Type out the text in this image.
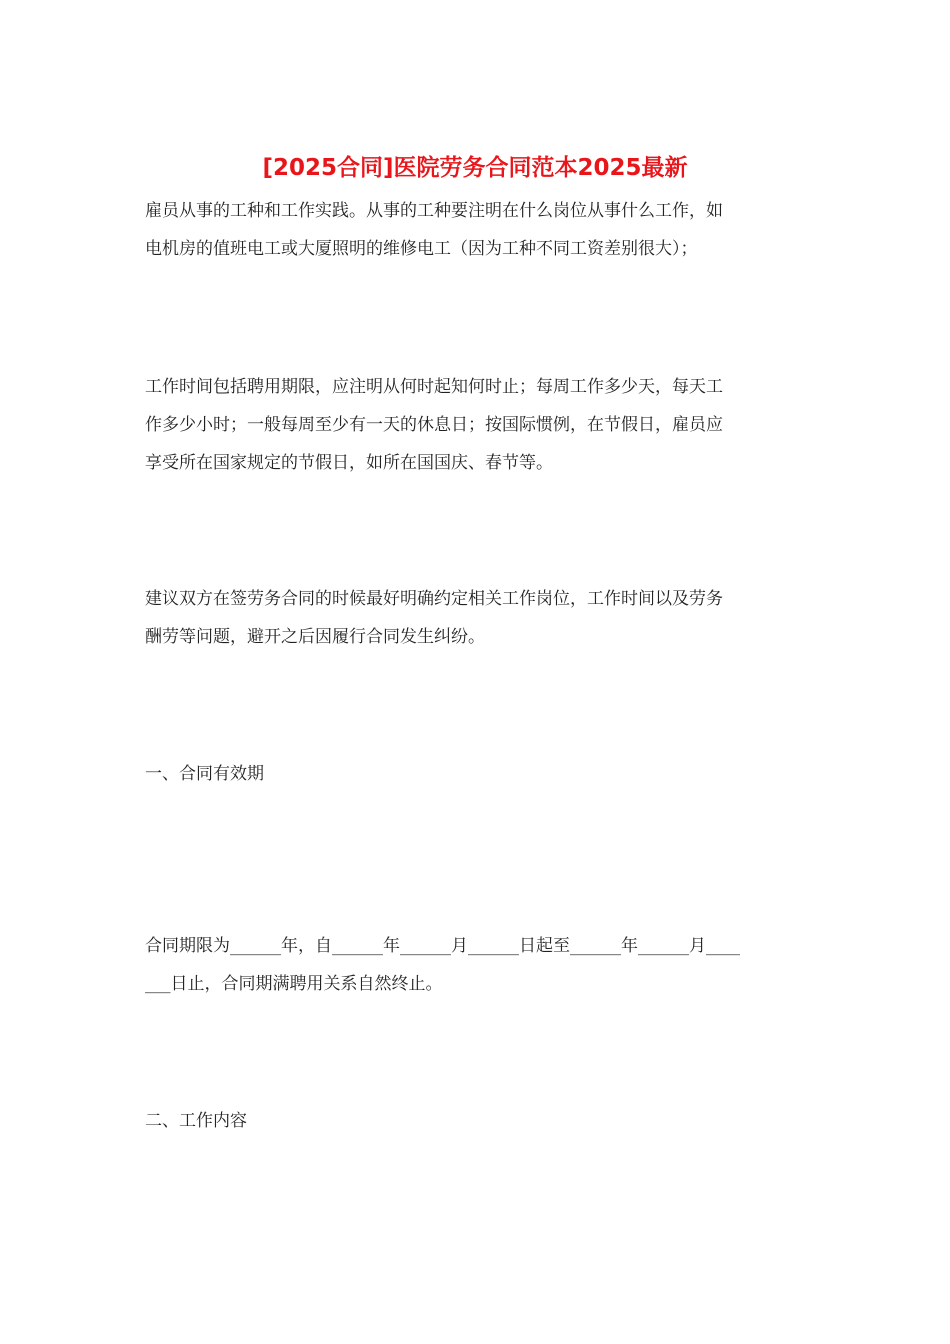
[2025合同]医院劳务合同范本2025最新
雇员从事的工种和工作实践。从事的工种要注明在什么岗位从事什么工作，如
电机房的值班电工或大厦照明的维修电工（因为工种不同工资差别很大）；
工作时间包括聘用期限，应注明从何时起知何时止；每周工作多少天，每天工
作多少小时；一般每周至少有一天的休息日；按国际惯例，在节假日，雇员应
享受所在国家规定的节假日，如所在国国庆、春节等。
建议双方在签劳务合同的时候最好明确约定相关工作岗位，工作时间以及劳务
酬劳等问题，避开之后因履行合同发生纠纷。
一、合同有效期
合同期限为______年，自______年______月______日起至______年______月____
___日止，合同期满聘用关系自然终止。
二、工作内容
